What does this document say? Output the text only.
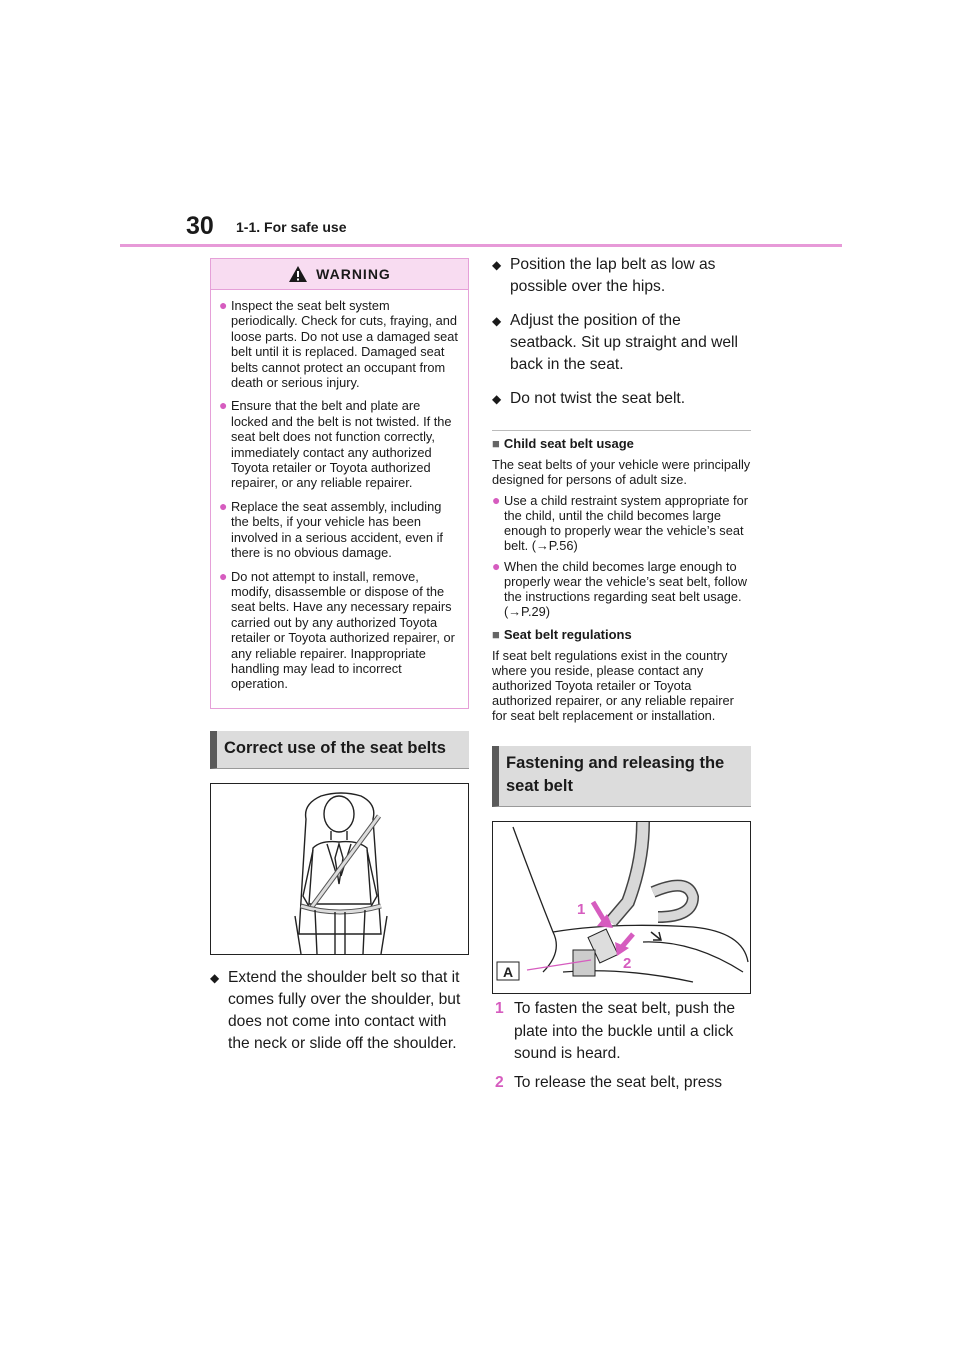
30 1-1. For safe use
WARNING
● Inspect the seat belt system periodically. Check for cuts, fraying, and loose parts. Do not use a damaged seat belt until it is replaced. Damaged seat belts cannot protect an occupant from death or serious injury.
● Ensure that the belt and plate are locked and the belt is not twisted. If the seat belt does not function correctly, immediately contact any authorized Toyota retailer or Toyota authorized repairer, or any reliable repairer.
● Replace the seat assembly, including the belts, if your vehicle has been involved in a serious accident, even if there is no obvious damage.
● Do not attempt to install, remove, modify, disassemble or dispose of the seat belts. Have any necessary repairs carried out by any authorized Toyota retailer or Toyota authorized repairer, or any reliable repairer. Inappropriate handling may lead to incorrect operation.
Correct use of the seat belts
◆ Extend the shoulder belt so that it comes fully over the shoulder, but does not come into contact with the neck or slide off the shoulder.
◆ Position the lap belt as low as possible over the hips.
◆ Adjust the position of the seatback. Sit up straight and well back in the seat.
◆ Do not twist the seat belt.
■ Child seat belt usage
The seat belts of your vehicle were principally designed for persons of adult size.
● Use a child restraint system appropriate for the child, until the child becomes large enough to properly wear the vehicle’s seat belt. (→P.56)
● When the child becomes large enough to properly wear the vehicle’s seat belt, follow the instructions regarding seat belt usage. (→P.29)
■ Seat belt regulations
If seat belt regulations exist in the country where you reside, please contact any authorized Toyota retailer or Toyota authorized repairer, or any reliable repairer for seat belt replacement or installation.
Fastening and releasing the seat belt
A
1
2
1 To fasten the seat belt, push the plate into the buckle until a click sound is heard.
2 To release the seat belt, press
